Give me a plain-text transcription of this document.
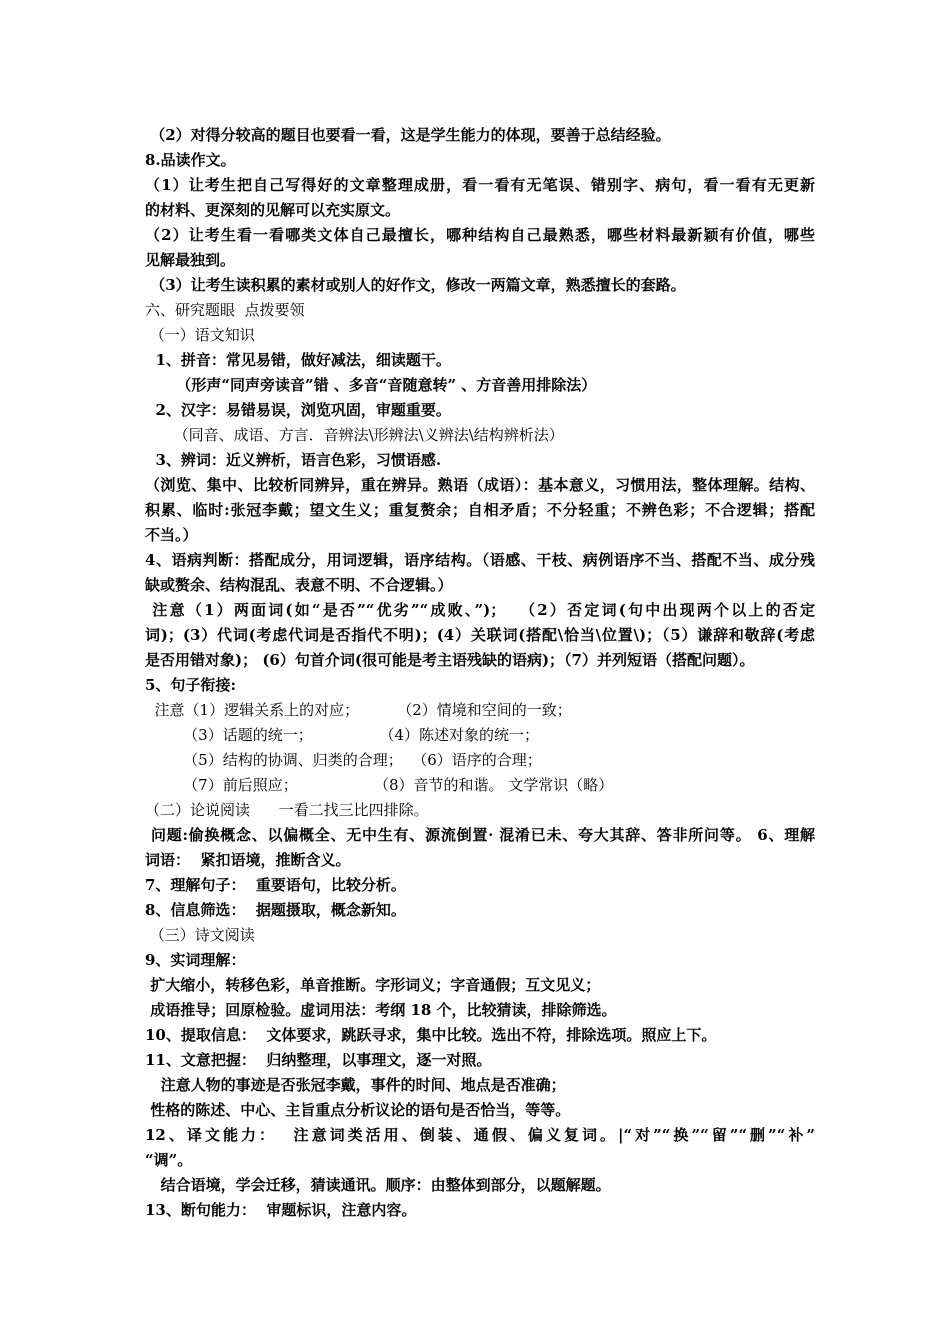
（2）对得分较高的题目也要看一看，这是学生能力的体现，要善于总结经验。
8.品读作文。
（1）让考生把自己写得好的文章整理成册，看一看有无笔误、错别字、病句，看一看有无更新
的材料、更深刻的见解可以充实原文。
（2）让考生看一看哪类文体自己最擅长，哪种结构自己最熟悉，哪些材料最新颖有价值，哪些
见解最独到。
（3）让考生读积累的素材或别人的好作文，修改一两篇文章，熟悉擅长的套路。
六、研究题眼  点拨要领
（一）语文知识
1、拼音：常见易错，做好减法，细读题干。
（形声“同声旁读音”错 、多音“音随意转” 、方音善用排除法）
2、汉字：易错易误，浏览巩固，审题重要。
（同音、成语、方言．音辨法\形辨法\义辨法\结构辨析法）
3、辨词：近义辨析，语言色彩，习惯语感.
（浏览、集中、比较析同辨异，重在辨异。熟语（成语）：基本意义，习惯用法，整体理解。结构、
积累、临时:张冠李戴；望文生义；重复赘余；自相矛盾；不分轻重；不辨色彩；不合逻辑；搭配
不当。）
4、语病判断：搭配成分，用词逻辑，语序结构。（语感、干枝、病例语序不当、搭配不当、成分残
缺或赘余、结构混乱、表意不明、不合逻辑。）
注意（1）两面词(如“是否”“优劣”“成败、”)；  （2）否定词(句中出现两个以上的否定
词)；(3）代词(考虑代词是否指代不明)；(4）关联词(搭配\恰当\位置\)；（5）谦辞和敬辞(考虑
是否用错对象)； (6）句首介词(很可能是考主语残缺的语病)；（7）并列短语（搭配问题）。
5、句子衔接:
注意（1）逻辑关系上的对应；        （2）情境和空间的一致；
（3）话题的统一；              （4）陈述对象的统一；
（5）结构的协调、归类的合理；  （6）语序的合理；
（7）前后照应；                （8）音节的和谐。 文学常识（略）
（二）论说阅读      一看二找三比四排除。
问题:偷换概念、以偏概全、无中生有、源流倒置· 混淆已未、夸大其辞、答非所问等。 6、理解
词语：  紧扣语境，推断含义。
7、理解句子：  重要语句，比较分析。
8、信息筛选：  据题摄取，概念新知。
（三）诗文阅读
9、实词理解：
扩大缩小，转移色彩，单音推断。字形词义；字音通假；互文见义；
成语推导；回原检验。虚词用法：考纲 18 个，比较猜读，排除筛选。
10、提取信息：  文体要求，跳跃寻求，集中比较。选出不符，排除选项。照应上下。
11、文意把握：  归纳整理，以事理文，逐一对照。
注意人物的事迹是否张冠李戴，事件的时间、地点是否准确；
性格的陈述、中心、主旨重点分析议论的语句是否恰当，等等。
12、译文能力：  注意词类活用、倒装、通假、偏义复词。|“对”“换”“留”“删”“补”
“调”。
结合语境，学会迁移，猜读通讯。顺序：由整体到部分，以题解题。
13、断句能力：  审题标识，注意内容。
